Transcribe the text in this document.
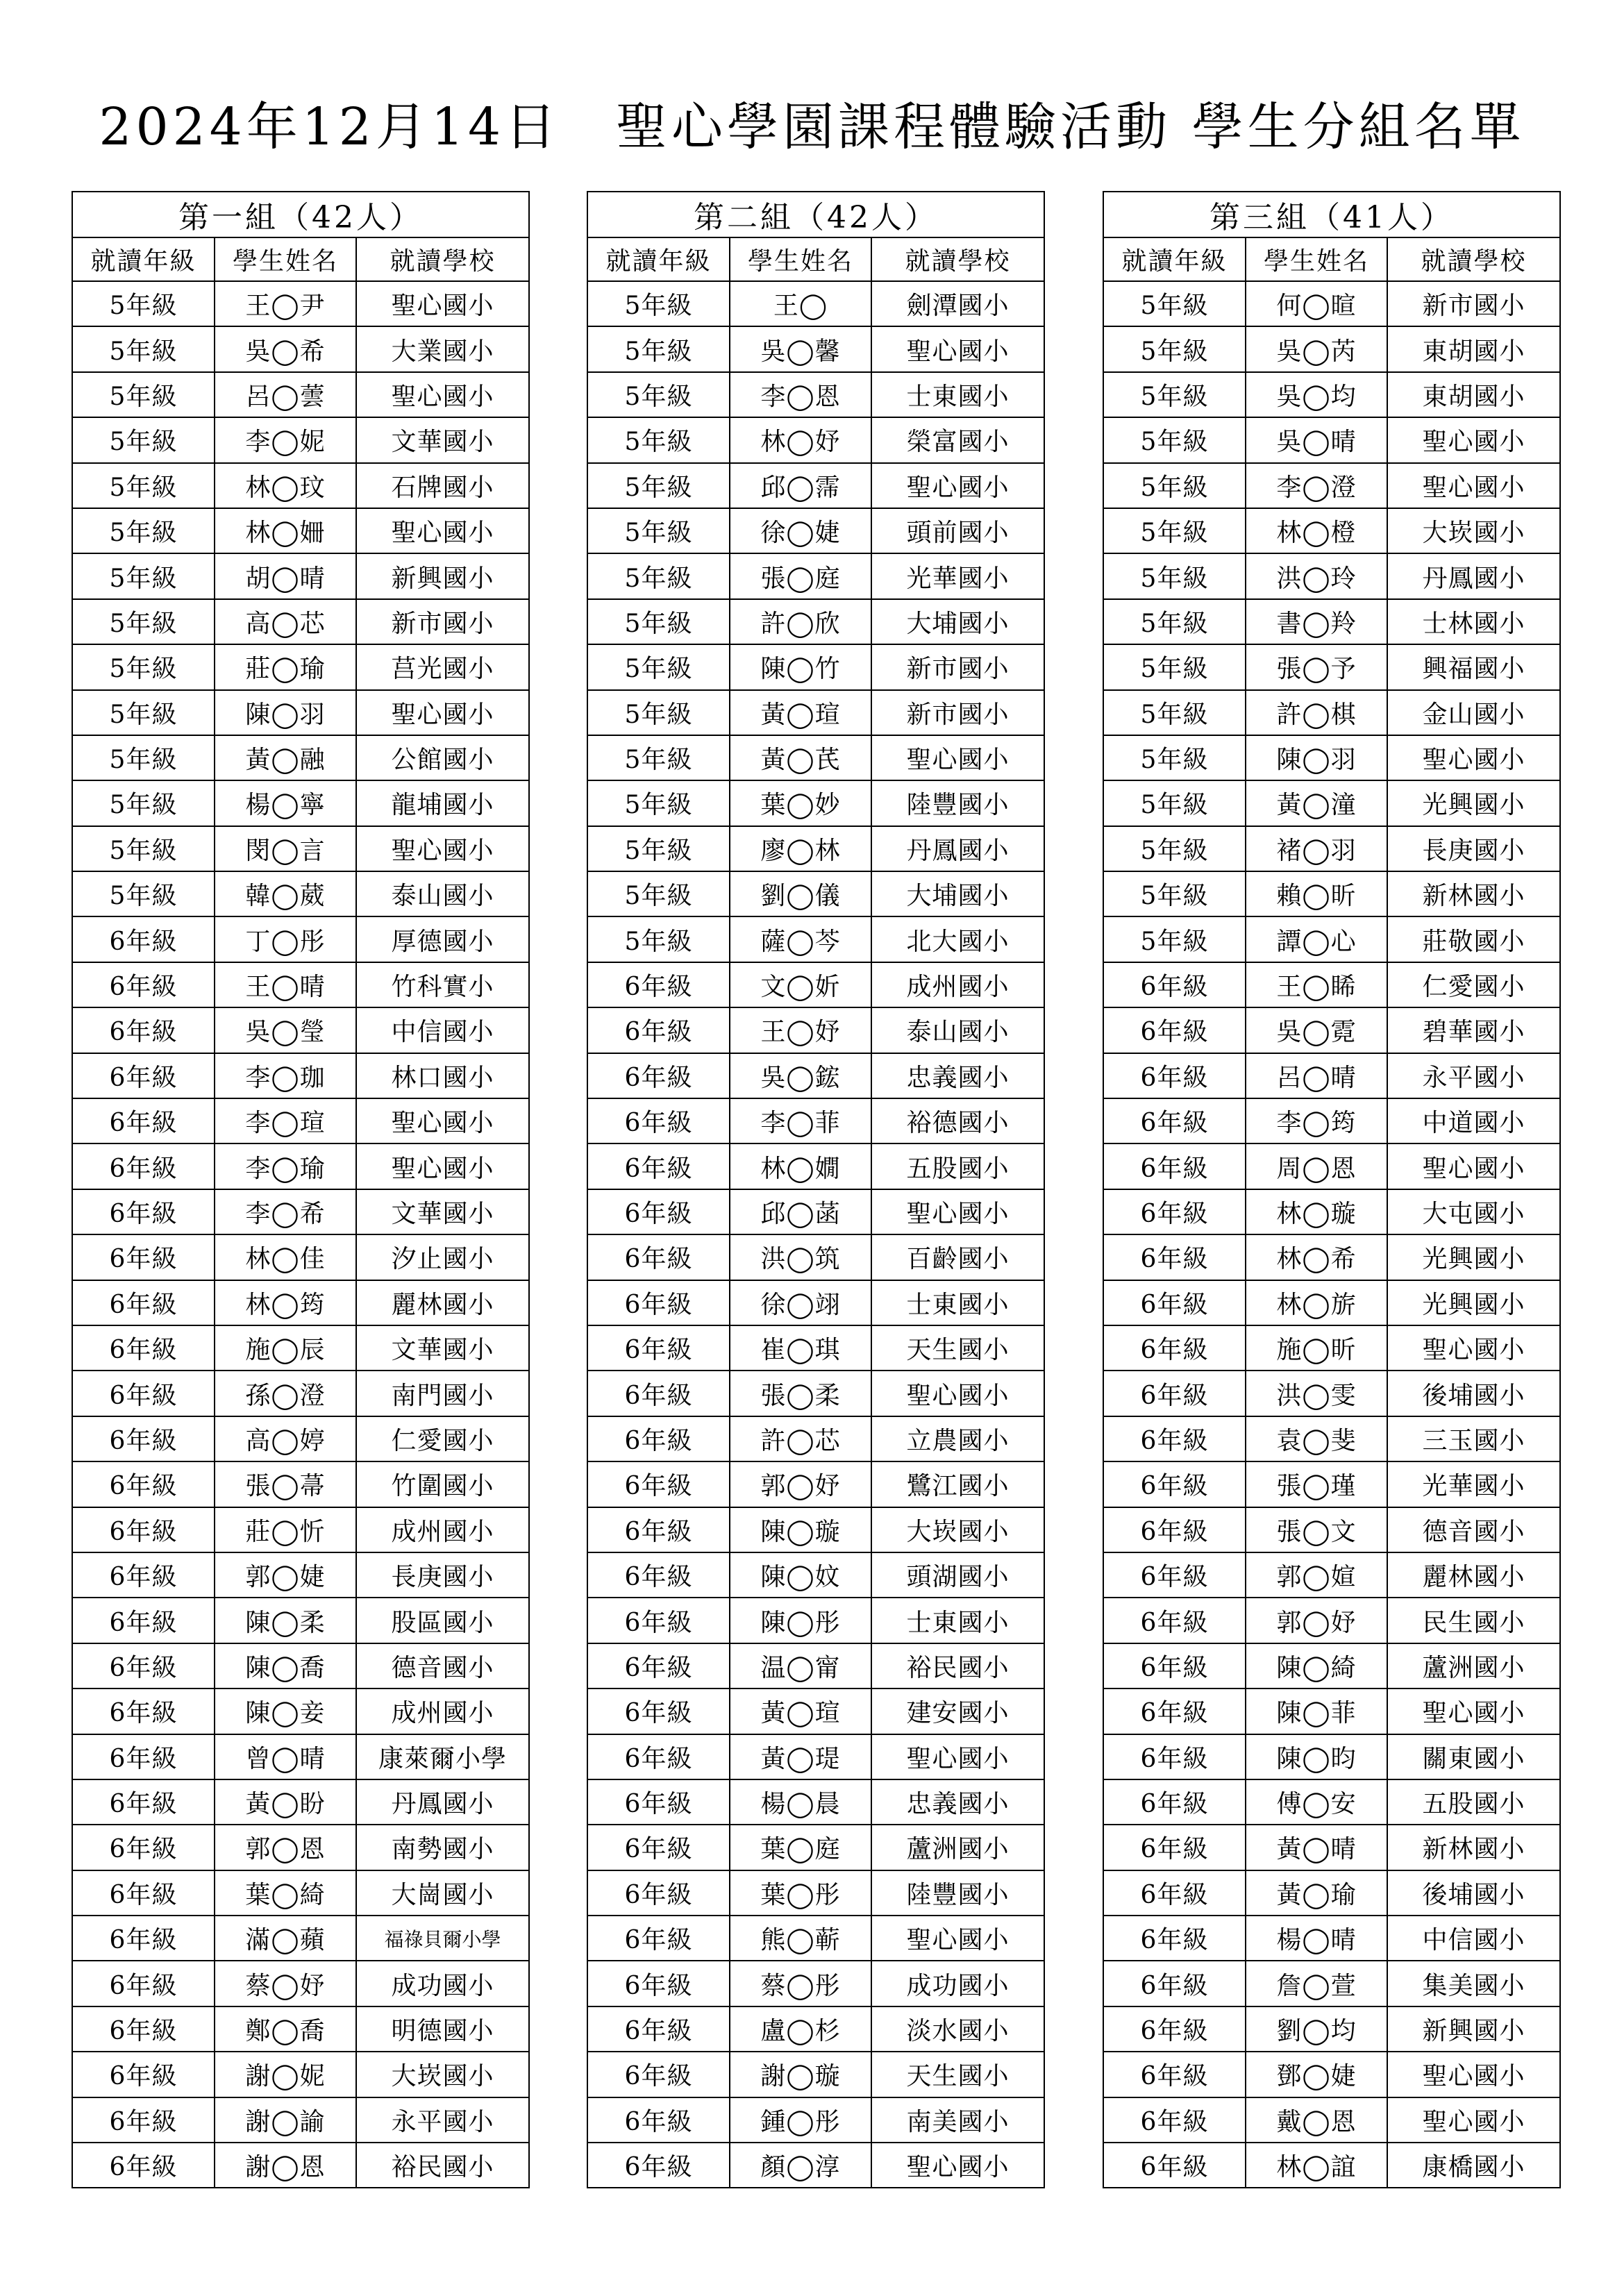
2024年12月14日　聖心學園課程體驗活動 學生分組名單
第一組（42人）		
就讀年級	學生姓名	就讀學校
5年級	王◯尹	聖心國小
5年級	吳◯希	大業國小
5年級	呂◯蕓	聖心國小
5年級	李◯妮	文華國小
5年級	林◯玟	石牌國小
5年級	林◯姍	聖心國小
5年級	胡◯晴	新興國小
5年級	高◯芯	新市國小
5年級	莊◯瑜	莒光國小
5年級	陳◯羽	聖心國小
5年級	黃◯融	公館國小
5年級	楊◯寧	龍埔國小
5年級	閔◯言	聖心國小
5年級	韓◯葳	泰山國小
6年級	丁◯彤	厚德國小
6年級	王◯晴	竹科實小
6年級	吳◯瑩	中信國小
6年級	李◯珈	林口國小
6年級	李◯瑄	聖心國小
6年級	李◯瑜	聖心國小
6年級	李◯希	文華國小
6年級	林◯佳	汐止國小
6年級	林◯筠	麗林國小
6年級	施◯辰	文華國小
6年級	孫◯澄	南門國小
6年級	高◯婷	仁愛國小
6年級	張◯菷	竹圍國小
6年級	莊◯忻	成州國小
6年級	郭◯婕	長庚國小
6年級	陳◯柔	股區國小
6年級	陳◯喬	德音國小
6年級	陳◯妾	成州國小
6年級	曾◯晴	康萊爾小學
6年級	黃◯盼	丹鳳國小
6年級	郭◯恩	南勢國小
6年級	葉◯綺	大崗國小
6年級	滿◯蘋	福祿貝爾小學
6年級	蔡◯妤	成功國小
6年級	鄭◯喬	明德國小
6年級	謝◯妮	大崁國小
6年級	謝◯諭	永平國小
6年級	謝◯恩	裕民國小
第二組（42人）		
就讀年級	學生姓名	就讀學校
5年級	王◯	劍潭國小
5年級	吳◯馨	聖心國小
5年級	李◯恩	士東國小
5年級	林◯妤	榮富國小
5年級	邱◯霈	聖心國小
5年級	徐◯婕	頭前國小
5年級	張◯庭	光華國小
5年級	許◯欣	大埔國小
5年級	陳◯竹	新市國小
5年級	黃◯瑄	新市國小
5年級	黃◯芪	聖心國小
5年級	葉◯妙	陸豐國小
5年級	廖◯林	丹鳳國小
5年級	劉◯儀	大埔國小
5年級	薩◯芩	北大國小
6年級	文◯妡	成州國小
6年級	王◯妤	泰山國小
6年級	吳◯鋐	忠義國小
6年級	李◯菲	裕德國小
6年級	林◯嫺	五股國小
6年級	邱◯菡	聖心國小
6年級	洪◯筑	百齡國小
6年級	徐◯翊	士東國小
6年級	崔◯琪	天生國小
6年級	張◯柔	聖心國小
6年級	許◯芯	立農國小
6年級	郭◯妤	鷺江國小
6年級	陳◯璇	大崁國小
6年級	陳◯妏	頭湖國小
6年級	陳◯彤	士東國小
6年級	温◯甯	裕民國小
6年級	黃◯瑄	建安國小
6年級	黃◯瑅	聖心國小
6年級	楊◯晨	忠義國小
6年級	葉◯庭	蘆洲國小
6年級	葉◯彤	陸豐國小
6年級	熊◯蕲	聖心國小
6年級	蔡◯彤	成功國小
6年級	盧◯杉	淡水國小
6年級	謝◯璇	天生國小
6年級	鍾◯彤	南美國小
6年級	顏◯淳	聖心國小
第三組（41人）		
就讀年級	學生姓名	就讀學校
5年級	何◯暄	新市國小
5年級	吳◯芮	東胡國小
5年級	吳◯均	東胡國小
5年級	吳◯晴	聖心國小
5年級	李◯澄	聖心國小
5年級	林◯橙	大崁國小
5年級	洪◯玲	丹鳳國小
5年級	書◯羚	士林國小
5年級	張◯予	興福國小
5年級	許◯棋	金山國小
5年級	陳◯羽	聖心國小
5年級	黃◯潼	光興國小
5年級	褚◯羽	長庚國小
5年級	賴◯昕	新林國小
5年級	譚◯心	莊敬國小
6年級	王◯睎	仁愛國小
6年級	吳◯霓	碧華國小
6年級	呂◯晴	永平國小
6年級	李◯筠	中道國小
6年級	周◯恩	聖心國小
6年級	林◯璇	大屯國小
6年級	林◯希	光興國小
6年級	林◯旂	光興國小
6年級	施◯昕	聖心國小
6年級	洪◯雯	後埔國小
6年級	袁◯斐	三玉國小
6年級	張◯瑾	光華國小
6年級	張◯文	德音國小
6年級	郭◯媗	麗林國小
6年級	郭◯妤	民生國小
6年級	陳◯綺	蘆洲國小
6年級	陳◯菲	聖心國小
6年級	陳◯昀	關東國小
6年級	傅◯安	五股國小
6年級	黃◯晴	新林國小
6年級	黃◯瑜	後埔國小
6年級	楊◯晴	中信國小
6年級	詹◯萱	集美國小
6年級	劉◯均	新興國小
6年級	鄧◯婕	聖心國小
6年級	戴◯恩	聖心國小
6年級	林◯誼	康橋國小
